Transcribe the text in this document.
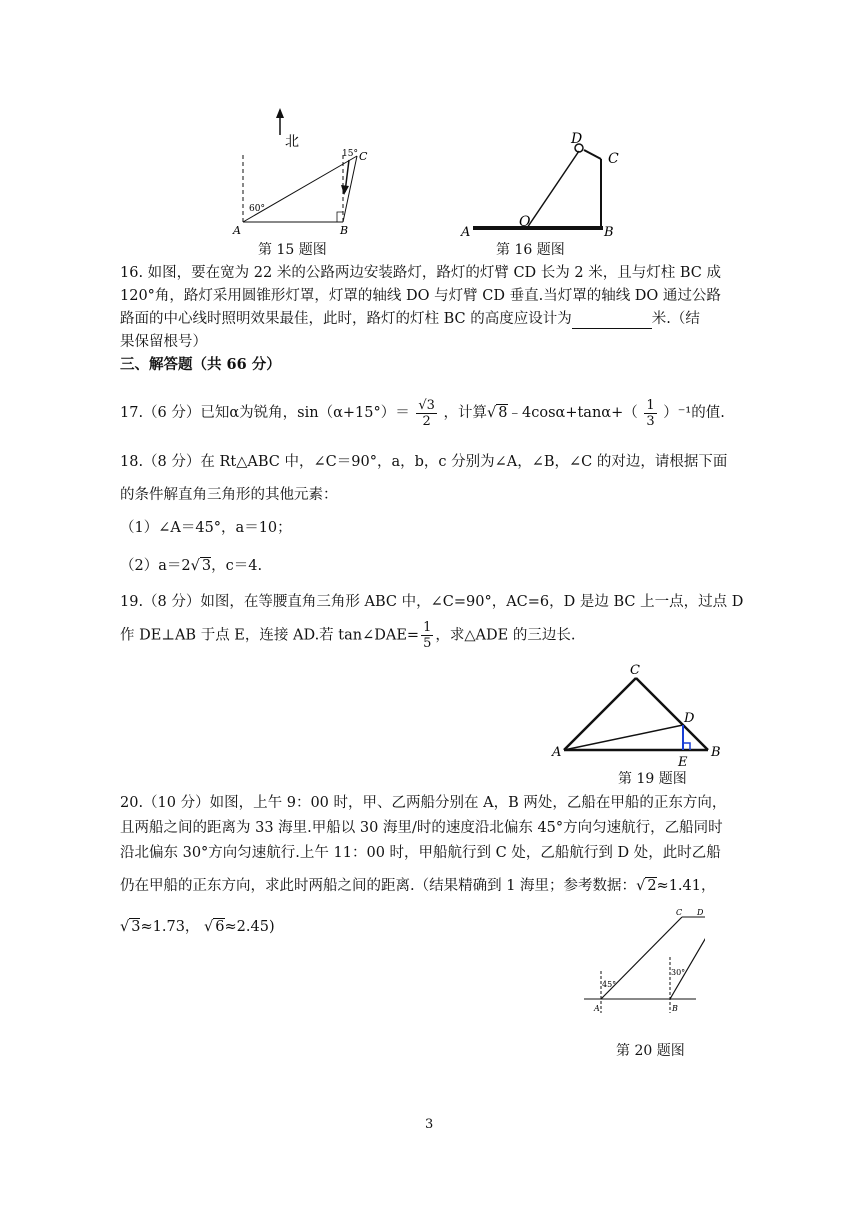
北
60°
15°
A	B
C
第 15 题图
D
C
O
A	B
第 16 题图
16. 如图，要在宽为 22 米的公路两边安装路灯，路灯的灯臂 CD 长为 2 米，且与灯柱 BC 成
120°角，路灯采用圆锥形灯罩，灯罩的轴线 DO 与灯臂 CD 垂直.当灯罩的轴线 DO 通过公路
路面的中心线时照明效果最佳，此时，路灯的灯柱 BC 的高度应设计为	米.（结
果保留根号）
三、解答题（共 66 分）
17.（6 分）已知α为锐角，$\sin(\alpha+15^\circ)= \frac{√3}{2}$ ，计算√ 8﹣4cosα+tanα+（ $\frac{1}{3} )^{-1}$的值.
18.（8 分）在 Rt△ABC 中，∠C＝90°，a，b，c 分别为∠A，∠B，∠C 的对边，请根据下面
的条件解直角三角形的其他元素：
（1）∠A＝45°，a＝10；
（2）a＝2√ 3，c＝4.
19.（8 分）如图，在等腰直角三角形 ABC 中，∠C=90°，AC=6，D 是边 BC 上一点，过点 D
作 DE⊥AB 于点 E，连接 AD.若 tan∠DAE= $\frac{1}{5}$ ，求△ADE 的三边长.
C
D
A	B
E
第 19 题图
20.（10 分）如图，上午 9：00 时，甲、乙两船分别在 A，B 两处，乙船在甲船的正东方向，
且两船之间的距离为 33 海里.甲船以 30 海里/时的速度沿北偏东 45°方向匀速航行，乙船同时
沿北偏东 30°方向匀速航行.上午 11：00 时，甲船航行到 C 处，乙船航行到 D 处，此时乙船
仍在甲船的正东方向，求此时两船之间的距离.（结果精确到 1 海里；参考数据：√ 2≈1.41，
√ 3≈1.73， √ 6≈2.45)
45°
30°
A	B
C D
第 20 题图
3
